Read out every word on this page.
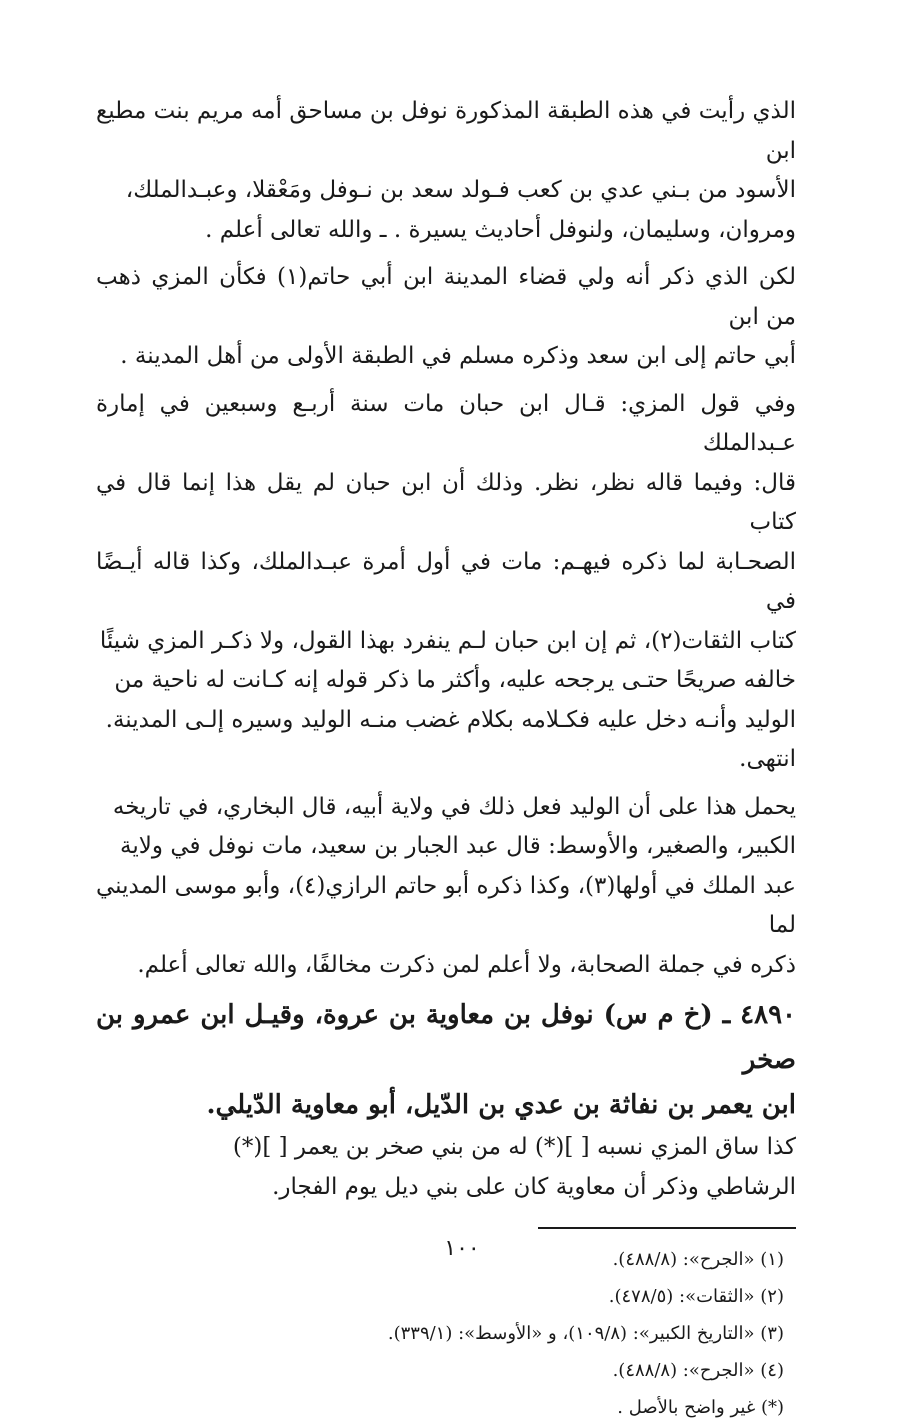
الذي رأيت في هذه الطبقة المذكورة نوفل بن مساحق أمه مريم بنت مطيع ابن
الأسود من بـني عدي بن كعب فـولد سعد بن نـوفل ومَعْقلا، وعبـدالملك،
ومروان، وسليمان، ولنوفل أحاديث يسيرة . ـ والله تعالى أعلم .

لكن الذي ذكر أنه ولي قضاء المدينة ابن أبي حاتم(١) فكأن المزي ذهب من ابن
أبي حاتم إلى ابن سعد وذكره مسلم في الطبقة الأولى من أهل المدينة .

وفي قول المزي: قـال ابن حبان مات سنة أربـع وسبعين في إمارة عـبدالملك
قال: وفيما قاله نظر، نظر. وذلك أن ابن حبان لم يقل هذا إنما قال في كتاب
الصحـابة لما ذكره فيهـم: مات في أول أمرة عبـدالملك، وكذا قاله أيـضًا في
كتاب الثقات(٢)، ثم إن ابن حبان لـم ينفرد بهذا القول، ولا ذكـر المزي شيئًا
خالفه صريحًا حتـى يرجحه عليه، وأكثر ما ذكر قوله إنه كـانت له ناحية من
الوليد وأنـه دخل عليه فكـلامه بكلام غضب منـه الوليد وسيره إلـى المدينة.
انتهى.

يحمل هذا على أن الوليد فعل ذلك في ولاية أبيه، قال البخاري، في تاريخه
الكبير، والصغير، والأوسط: قال عبد الجبار بن سعيد، مات نوفل في ولاية
عبد الملك في أولها(٣)، وكذا ذكره أبو حاتم الرازي(٤)، وأبو موسى المديني لما
ذكره في جملة الصحابة، ولا أعلم لمن ذكرت مخالفًا، والله تعالى أعلم.

٤٨٩٠ ـ (خ م س) نوفل بن معاوية بن عروة، وقيـل ابن عمرو بن صخر
ابن يعمر بن نفاثة بن عدي بن الدّيل، أبو معاوية الدّيلي.

كذا ساق المزي نسبه [ ](*) له من بني صخر بن يعمر [ ](*)
الرشاطي وذكر أن معاوية كان على بني ديل يوم الفجار.

(١) «الجرح»: (٤٨٨/٨).

(٢) «الثقات»: (٤٧٨/٥).

(٣) «التاريخ الكبير»: (١٠٩/٨)، و «الأوسط»: (٣٣٩/١).

(٤) «الجرح»: (٤٨٨/٨).

(*) غير واضح بالأصل .

١٠٠
